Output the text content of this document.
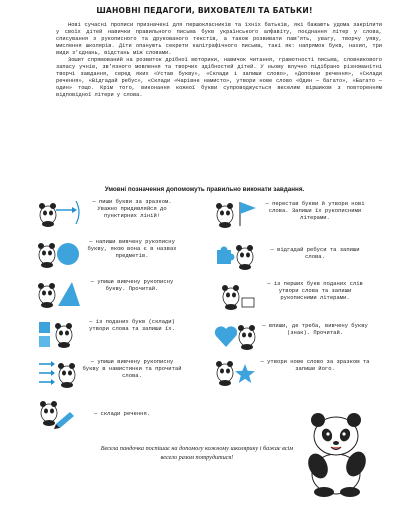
ШАНОВНІ ПЕДАГОГИ, ВИХОВАТЕЛІ ТА БАТЬКИ!

Нові сучасні прописи призначені для першокласників та їхніх батьків, які бажають удома закріпити у своїх дітей навички правильного письма букв українського алфавіту, поєднання літер у слова, списування з рукописного та друкованого текстів, а також розвивати пам'ять, увагу, творчу уяву, мислення школярів. Діти опанують секрети каліграфічного письма, такі як: напрямок букв, нахил, три види з'єднань, відстань між словами.

Зошит спрямований на розвиток дрібної моторики, навичок читання, грамотності письма, словникового запасу учнів, зв'язного мовлення та творчих здібностей дітей. У ньому влучно підібрано різноманітні творчі завдання, серед яких «Устав букву», «Склади і запиши слово», «Доповни речення», «Склади речення», «Відгадай ребус», «Склади «Чарівне намисто», утвори нове слово «Один — багато», «Багато — один» тощо. Крім того, виконання кожної букви супроводжується веселим віршиком з повторенням відповідної літери у слова.

Умовні позначення допоможуть правильно виконати завдання.
— пиши букви за зразком. Уважно придивляйся до пунктирних ліній!
— напиши вивчену рукописну букву, якою вона є в назвах предметів.
— упиши вивчену рукописну букву. Прочитай.
— із поданих букв (склади) утвори слова та запиши їх.
— упиши вивчену рукописну букву в намистинки та прочитай слова.
— склади речення.
— перестав букви й утвори нові слова. Запиши їх рукописними літерами.
— відгадай ребуси та запиши слова.
— із перших букв поданих слів утвори слова та запиши рукописними літерами.
— впиши, де треба, вивчену букву (знак). Прочитай.
— утвори нове слово за зразком та запиши його.
Весела пандочка поспішає на допомогу кожному школярику і бажає всім весело разом потрудитися!
